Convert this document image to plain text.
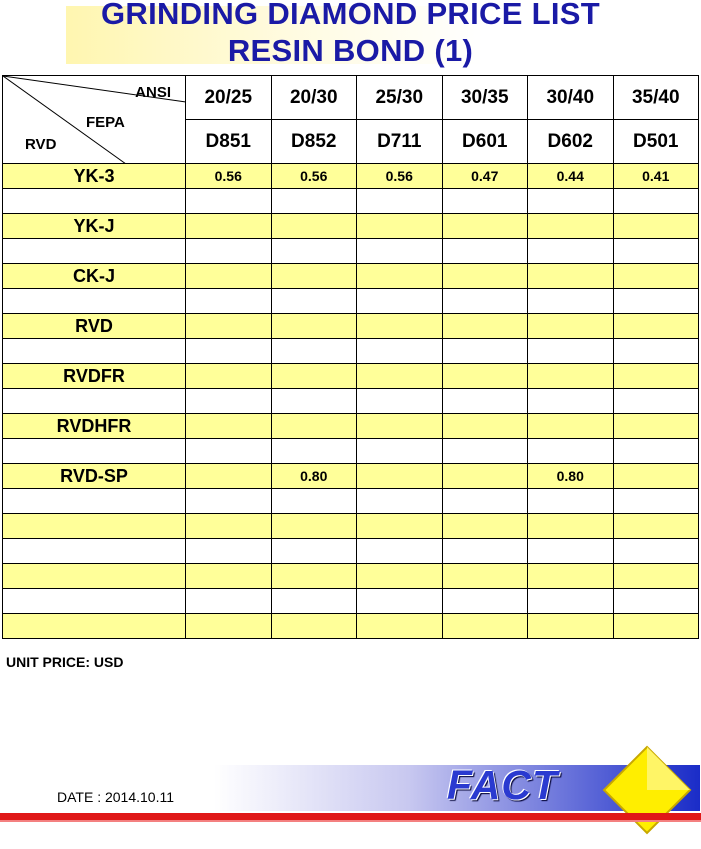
GRINDING DIAMOND PRICE LIST
RESIN BOND (1)
ANSI
FEPA
RVD	20/25	20/30	25/30	30/35	30/40	35/40
	D851	D852	D711	D601	D602	D501
YK-3	0.56	0.56	0.56	0.47	0.44	0.41

YK-J						

CK-J						

RVD						

RVDFR						

RVDHFR						

RVD-SP		0.80			0.80	

UNIT PRICE: USD
FACT
DATE : 2014.10.11
